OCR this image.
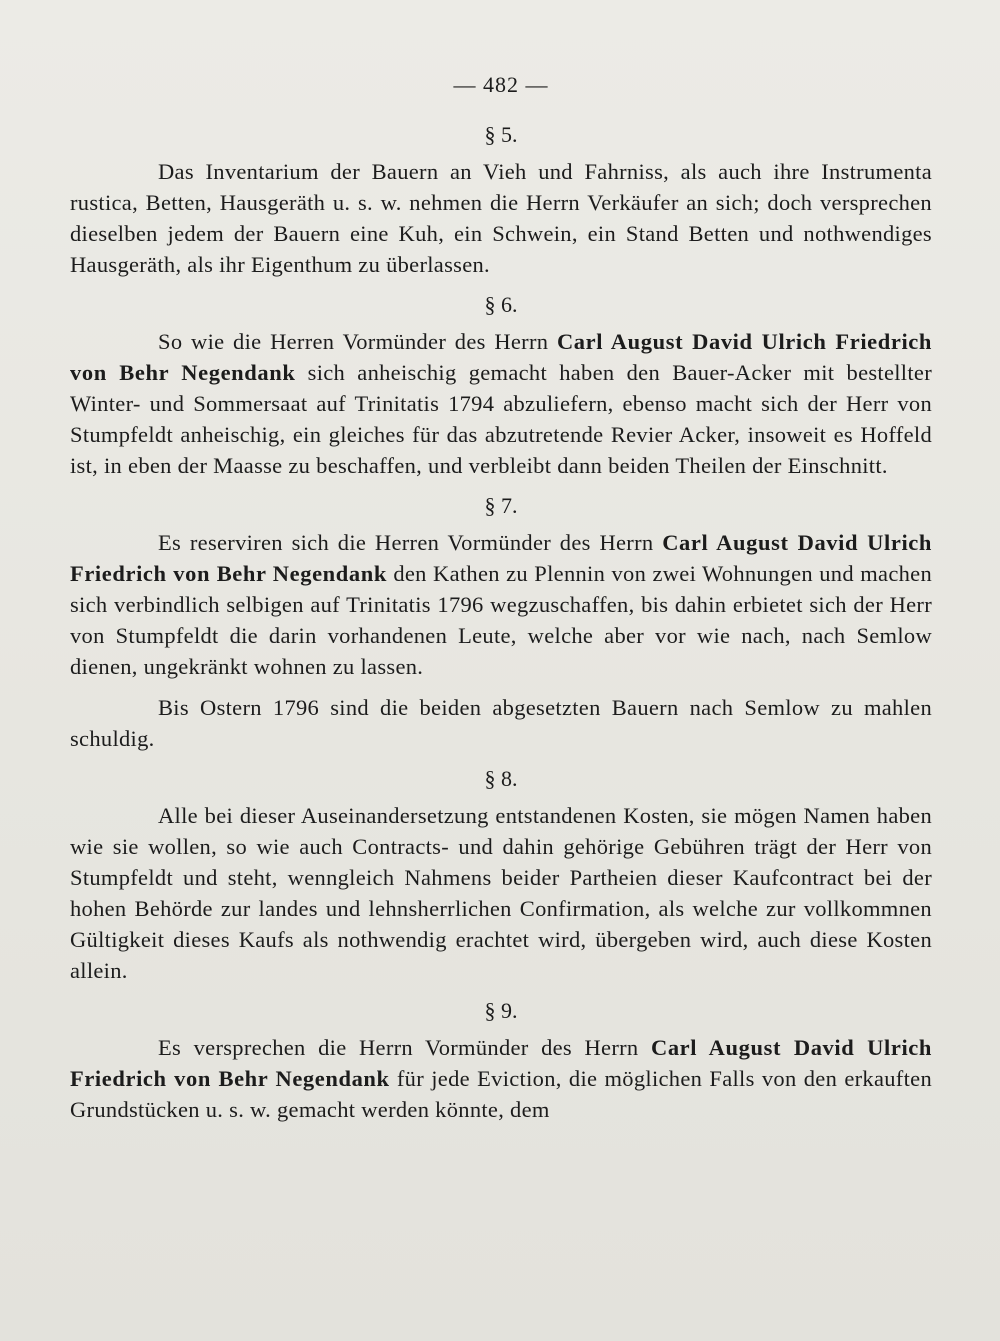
— 482 —
§ 5.

Das Inventarium der Bauern an Vieh und Fahrniss, als auch ihre Instrumenta rustica, Betten, Hausgeräth u. s. w. nehmen die Herrn Verkäufer an sich; doch versprechen dieselben jedem der Bauern eine Kuh, ein Schwein, ein Stand Betten und nothwendiges Hausgeräth, als ihr Eigenthum zu überlassen.

§ 6.

So wie die Herren Vormünder des Herrn Carl August David Ulrich Friedrich von Behr Negendank sich anheischig gemacht haben den Bauer-Acker mit bestellter Winter- und Sommersaat auf Trinitatis 1794 abzuliefern, ebenso macht sich der Herr von Stumpfeldt anheischig, ein gleiches für das abzutretende Revier Acker, insoweit es Hoffeld ist, in eben der Maasse zu beschaffen, und verbleibt dann beiden Theilen der Einschnitt.

§ 7.

Es reserviren sich die Herren Vormünder des Herrn Carl August David Ulrich Friedrich von Behr Negendank den Kathen zu Plennin von zwei Wohnungen und machen sich verbindlich selbigen auf Trinitatis 1796 wegzuschaffen, bis dahin erbietet sich der Herr von Stumpfeldt die darin vorhandenen Leute, welche aber vor wie nach, nach Semlow dienen, ungekränkt wohnen zu lassen.

Bis Ostern 1796 sind die beiden abgesetzten Bauern nach Semlow zu mahlen schuldig.

§ 8.

Alle bei dieser Auseinandersetzung entstandenen Kosten, sie mögen Namen haben wie sie wollen, so wie auch Contracts- und dahin gehörige Gebühren trägt der Herr von Stumpfeldt und steht, wenngleich Nahmens beider Partheien dieser Kaufcontract bei der hohen Behörde zur landes und lehnsherrlichen Confirmation, als welche zur vollkommnen Gültigkeit dieses Kaufs als nothwendig erachtet wird, übergeben wird, auch diese Kosten allein.

§ 9.

Es versprechen die Herrn Vormünder des Herrn Carl August David Ulrich Friedrich von Behr Negendank für jede Eviction, die möglichen Falls von den erkauften Grundstücken u. s. w. gemacht werden könnte, dem
